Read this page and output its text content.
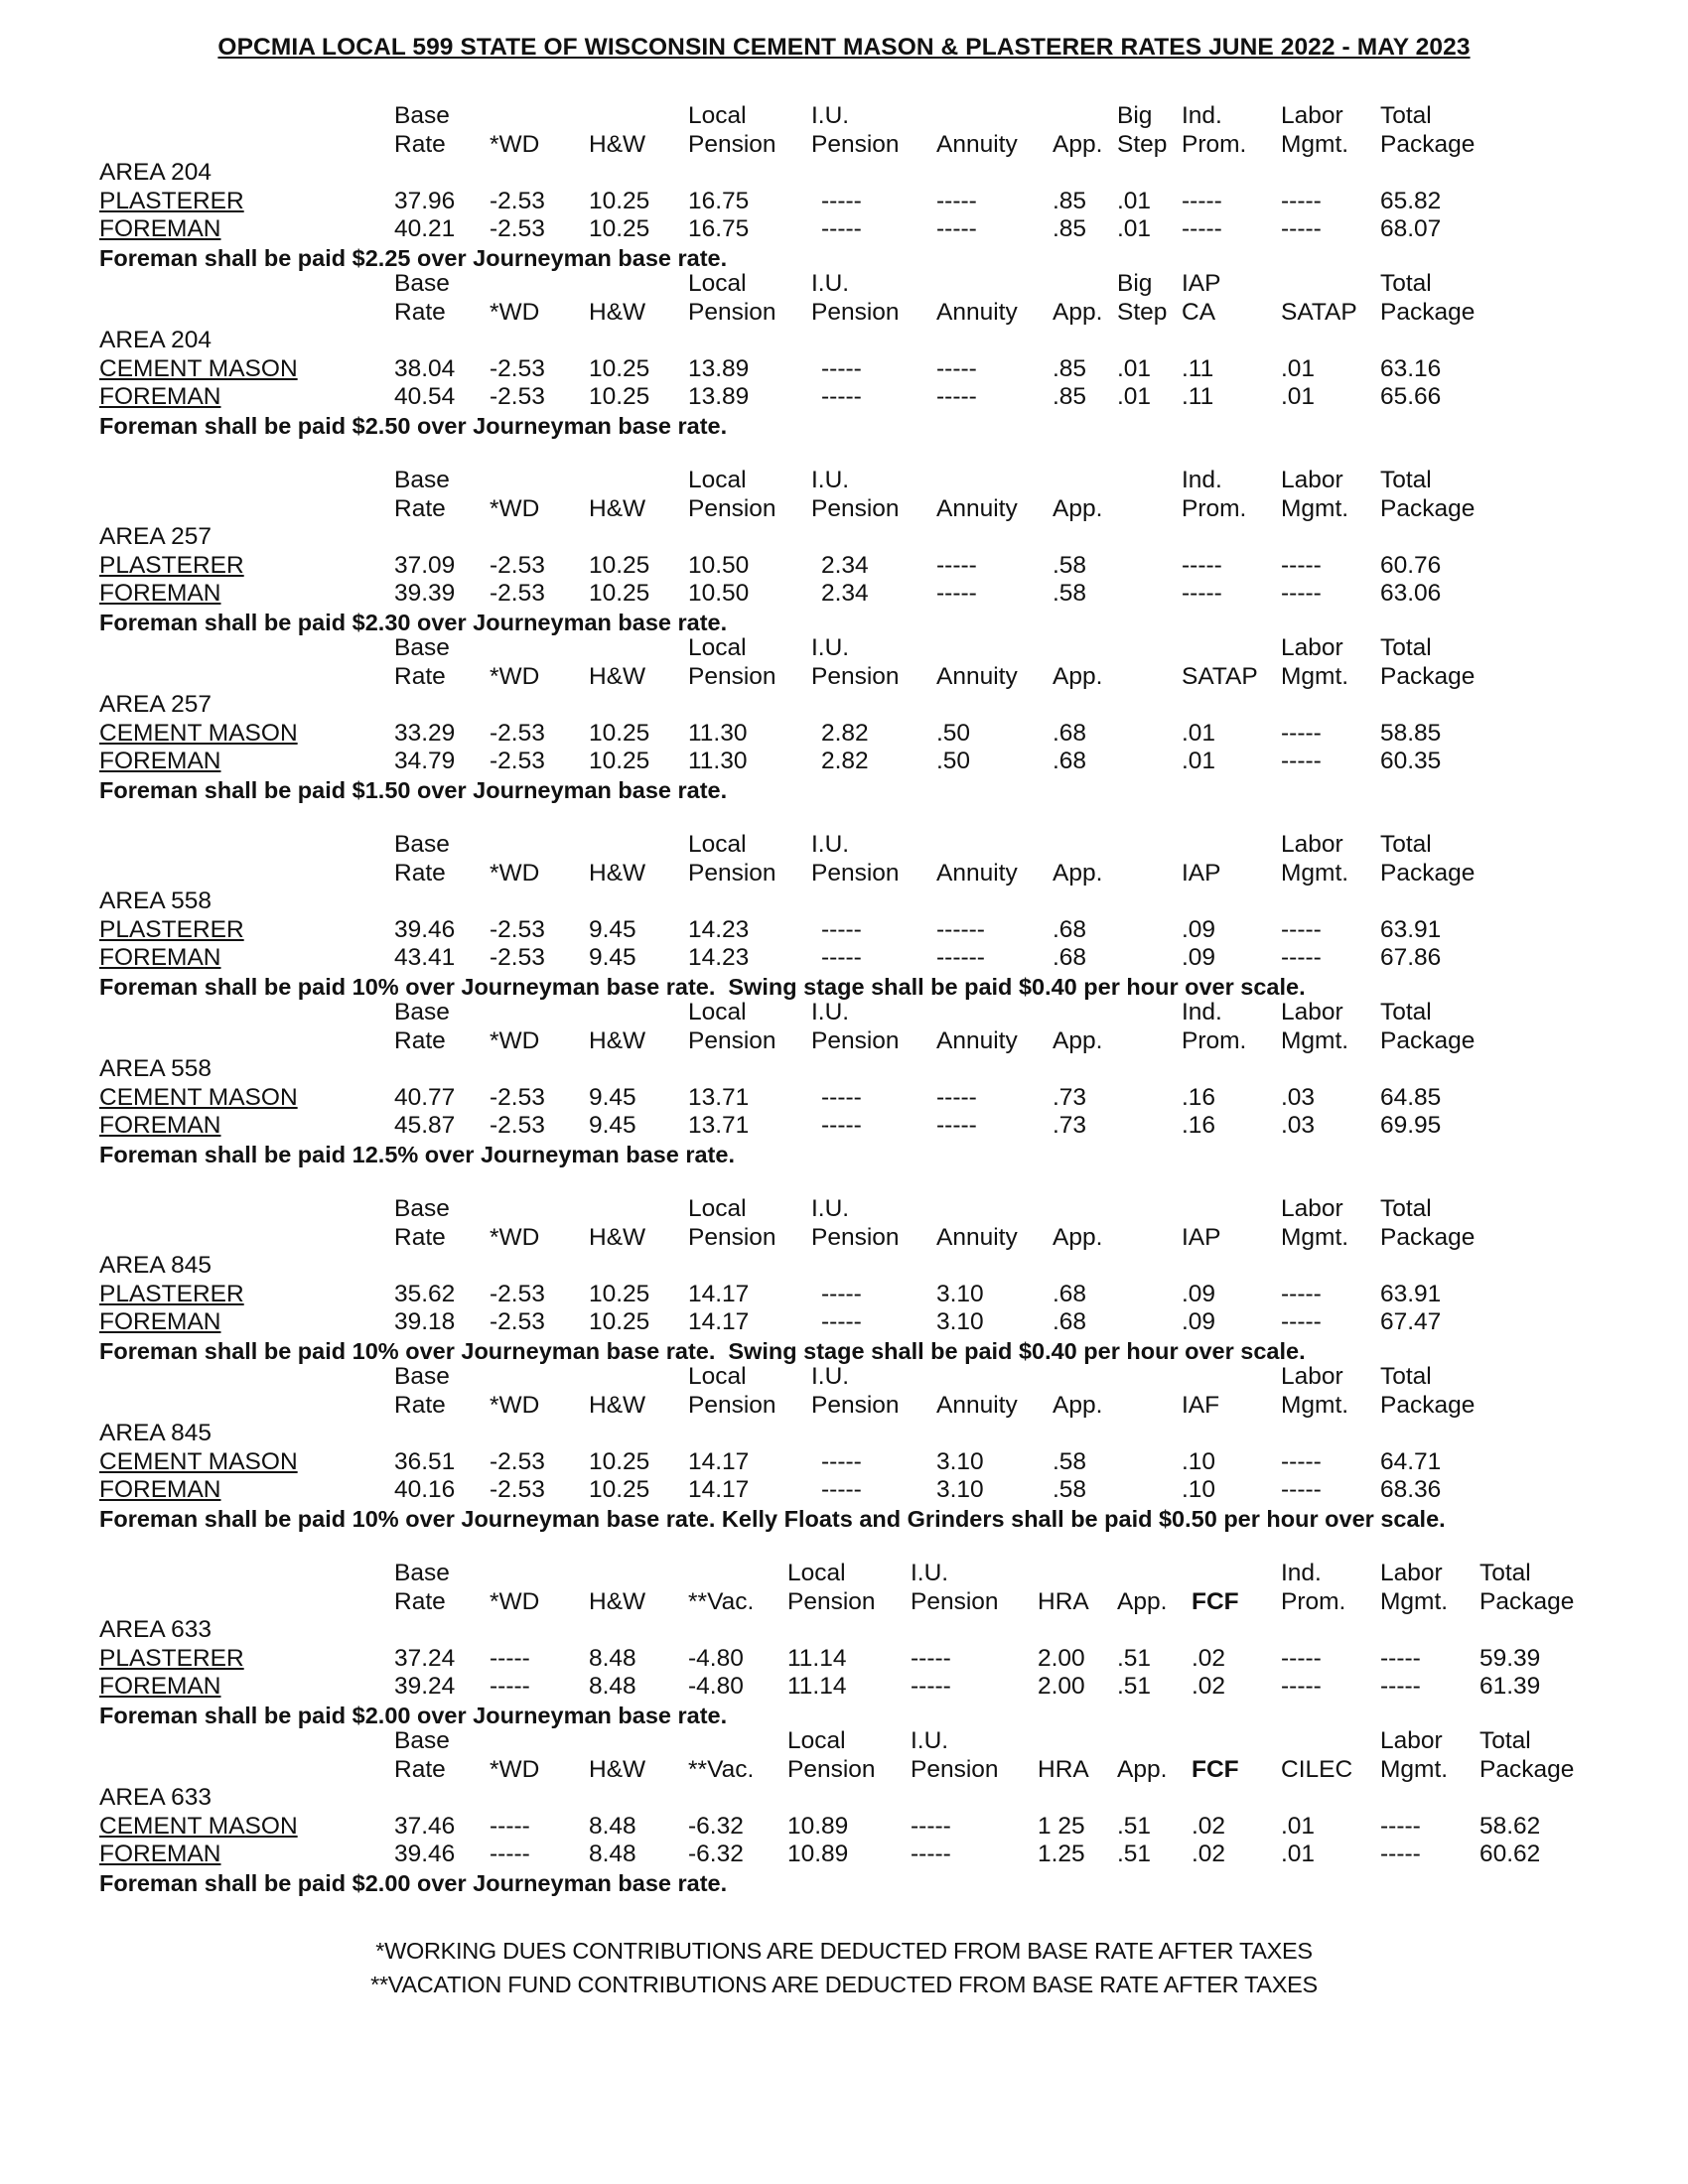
OPCMIA LOCAL 599 STATE OF WISCONSIN CEMENT MASON & PLASTERER RATES JUNE 2022 - MAY 2023
Base	Local	I.U.	Big Ind. Labor Total
Rate *WD H&W Pension Pension Annuity App. Step Prom. Mgmt. Package
AREA 204
PLASTERER	37.96 -2.53 10.25 16.75	-----	-----	.85 .01 ----- ----- 65.82
FOREMAN	40.21 -2.53 10.25 16.75	-----	-----	.85 .01 ----- ----- 68.07
Foreman shall be paid $2.25 over Journeyman base rate.
Base	Local	I.U.	Big IAP	Total
Rate *WD H&W Pension Pension Annuity App. Step CA	SATAP Package
AREA 204
CEMENT MASON	38.04 -2.53 10.25 13.89	-----	-----	.85 .01 .11	.01	63.16
FOREMAN	40.54 -2.53 10.25 13.89	-----	-----	.85 .01 .11	.01	65.66
Foreman shall be paid $2.50 over Journeyman base rate.
Base	Local	I.U.	Ind. Labor Total
Rate *WD H&W Pension Pension Annuity App.	Prom. Mgmt. Package
AREA 257
PLASTERER	37.09 -2.53 10.25 10.50	2.34	-----	.58	----- ----- 60.76
FOREMAN	39.39 -2.53 10.25 10.50	2.34	-----	.58	----- ----- 63.06
Foreman shall be paid $2.30 over Journeyman base rate.
Base	Local	I.U.	Labor Total
Rate *WD H&W Pension Pension Annuity App.	SATAP Mgmt. Package
AREA 257
CEMENT MASON	33.29 -2.53 10.25 11.30	2.82	.50	.68	.01	----- 58.85
FOREMAN	34.79 -2.53 10.25 11.30	2.82	.50	.68	.01	----- 60.35
Foreman shall be paid $1.50 over Journeyman base rate.
Base	Local	I.U.	Labor Total
Rate *WD H&W Pension Pension Annuity App.	IAP Mgmt. Package
AREA 558
PLASTERER	39.46 -2.53 9.45 14.23	-----	------	.68	.09	----- 63.91
FOREMAN	43.41 -2.53 9.45 14.23	-----	------	.68	.09	----- 67.86
Foreman shall be paid 10% over Journeyman base rate.  Swing stage shall be paid $0.40 per hour over scale.
Base	Local	I.U.	Ind. Labor Total
Rate *WD H&W Pension Pension Annuity App.	Prom. Mgmt. Package
AREA 558
CEMENT MASON	40.77 -2.53 9.45 13.71	-----	-----	.73	.16	.03	64.85
FOREMAN	45.87 -2.53 9.45 13.71	-----	-----	.73	.16	.03	69.95
Foreman shall be paid 12.5% over Journeyman base rate.
Base	Local	I.U.	Labor Total
Rate *WD H&W Pension Pension Annuity App.	IAP Mgmt. Package
AREA 845
PLASTERER	35.62 -2.53 10.25 14.17	-----	3.10	.68	.09	----- 63.91
FOREMAN	39.18 -2.53 10.25 14.17	-----	3.10	.68	.09	----- 67.47
Foreman shall be paid 10% over Journeyman base rate.  Swing stage shall be paid $0.40 per hour over scale.
Base	Local	I.U.	Labor Total
Rate *WD H&W Pension Pension Annuity App.	IAF	Mgmt. Package
AREA 845
CEMENT MASON	36.51 -2.53 10.25 14.17	-----	3.10	.58	.10	----- 64.71
FOREMAN	40.16 -2.53 10.25 14.17	-----	3.10	.58	.10	----- 68.36
Foreman shall be paid 10% over Journeyman base rate. Kelly Floats and Grinders shall be paid $0.50 per hour over scale.
Base	Local	I.U.	Ind. Labor Total
Rate *WD H&W **Vac. Pension Pension HRA App. FCF Prom. Mgmt. Package
AREA 633
PLASTERER	37.24 ----- 8.48 -4.80 11.14	-----	2.00 .51 .02 ----- ----- 59.39
FOREMAN	39.24 ----- 8.48 -4.80 11.14	-----	2.00 .51 .02 ----- ----- 61.39
Foreman shall be paid $2.00 over Journeyman base rate.
Base	Local	I.U.	Labor Total
Rate *WD H&W **Vac. Pension Pension HRA App. FCF CILEC Mgmt. Package
AREA 633
CEMENT MASON	37.46 ----- 8.48 -6.32 10.89	-----	1 25 .51 .02 .01	----- 58.62
FOREMAN	39.46 ----- 8.48 -6.32 10.89	-----	1.25 .51 .02 .01	----- 60.62
Foreman shall be paid $2.00 over Journeyman base rate.
*WORKING DUES CONTRIBUTIONS ARE DEDUCTED FROM BASE RATE AFTER TAXES
**VACATION FUND CONTRIBUTIONS ARE DEDUCTED FROM BASE RATE AFTER TAXES
